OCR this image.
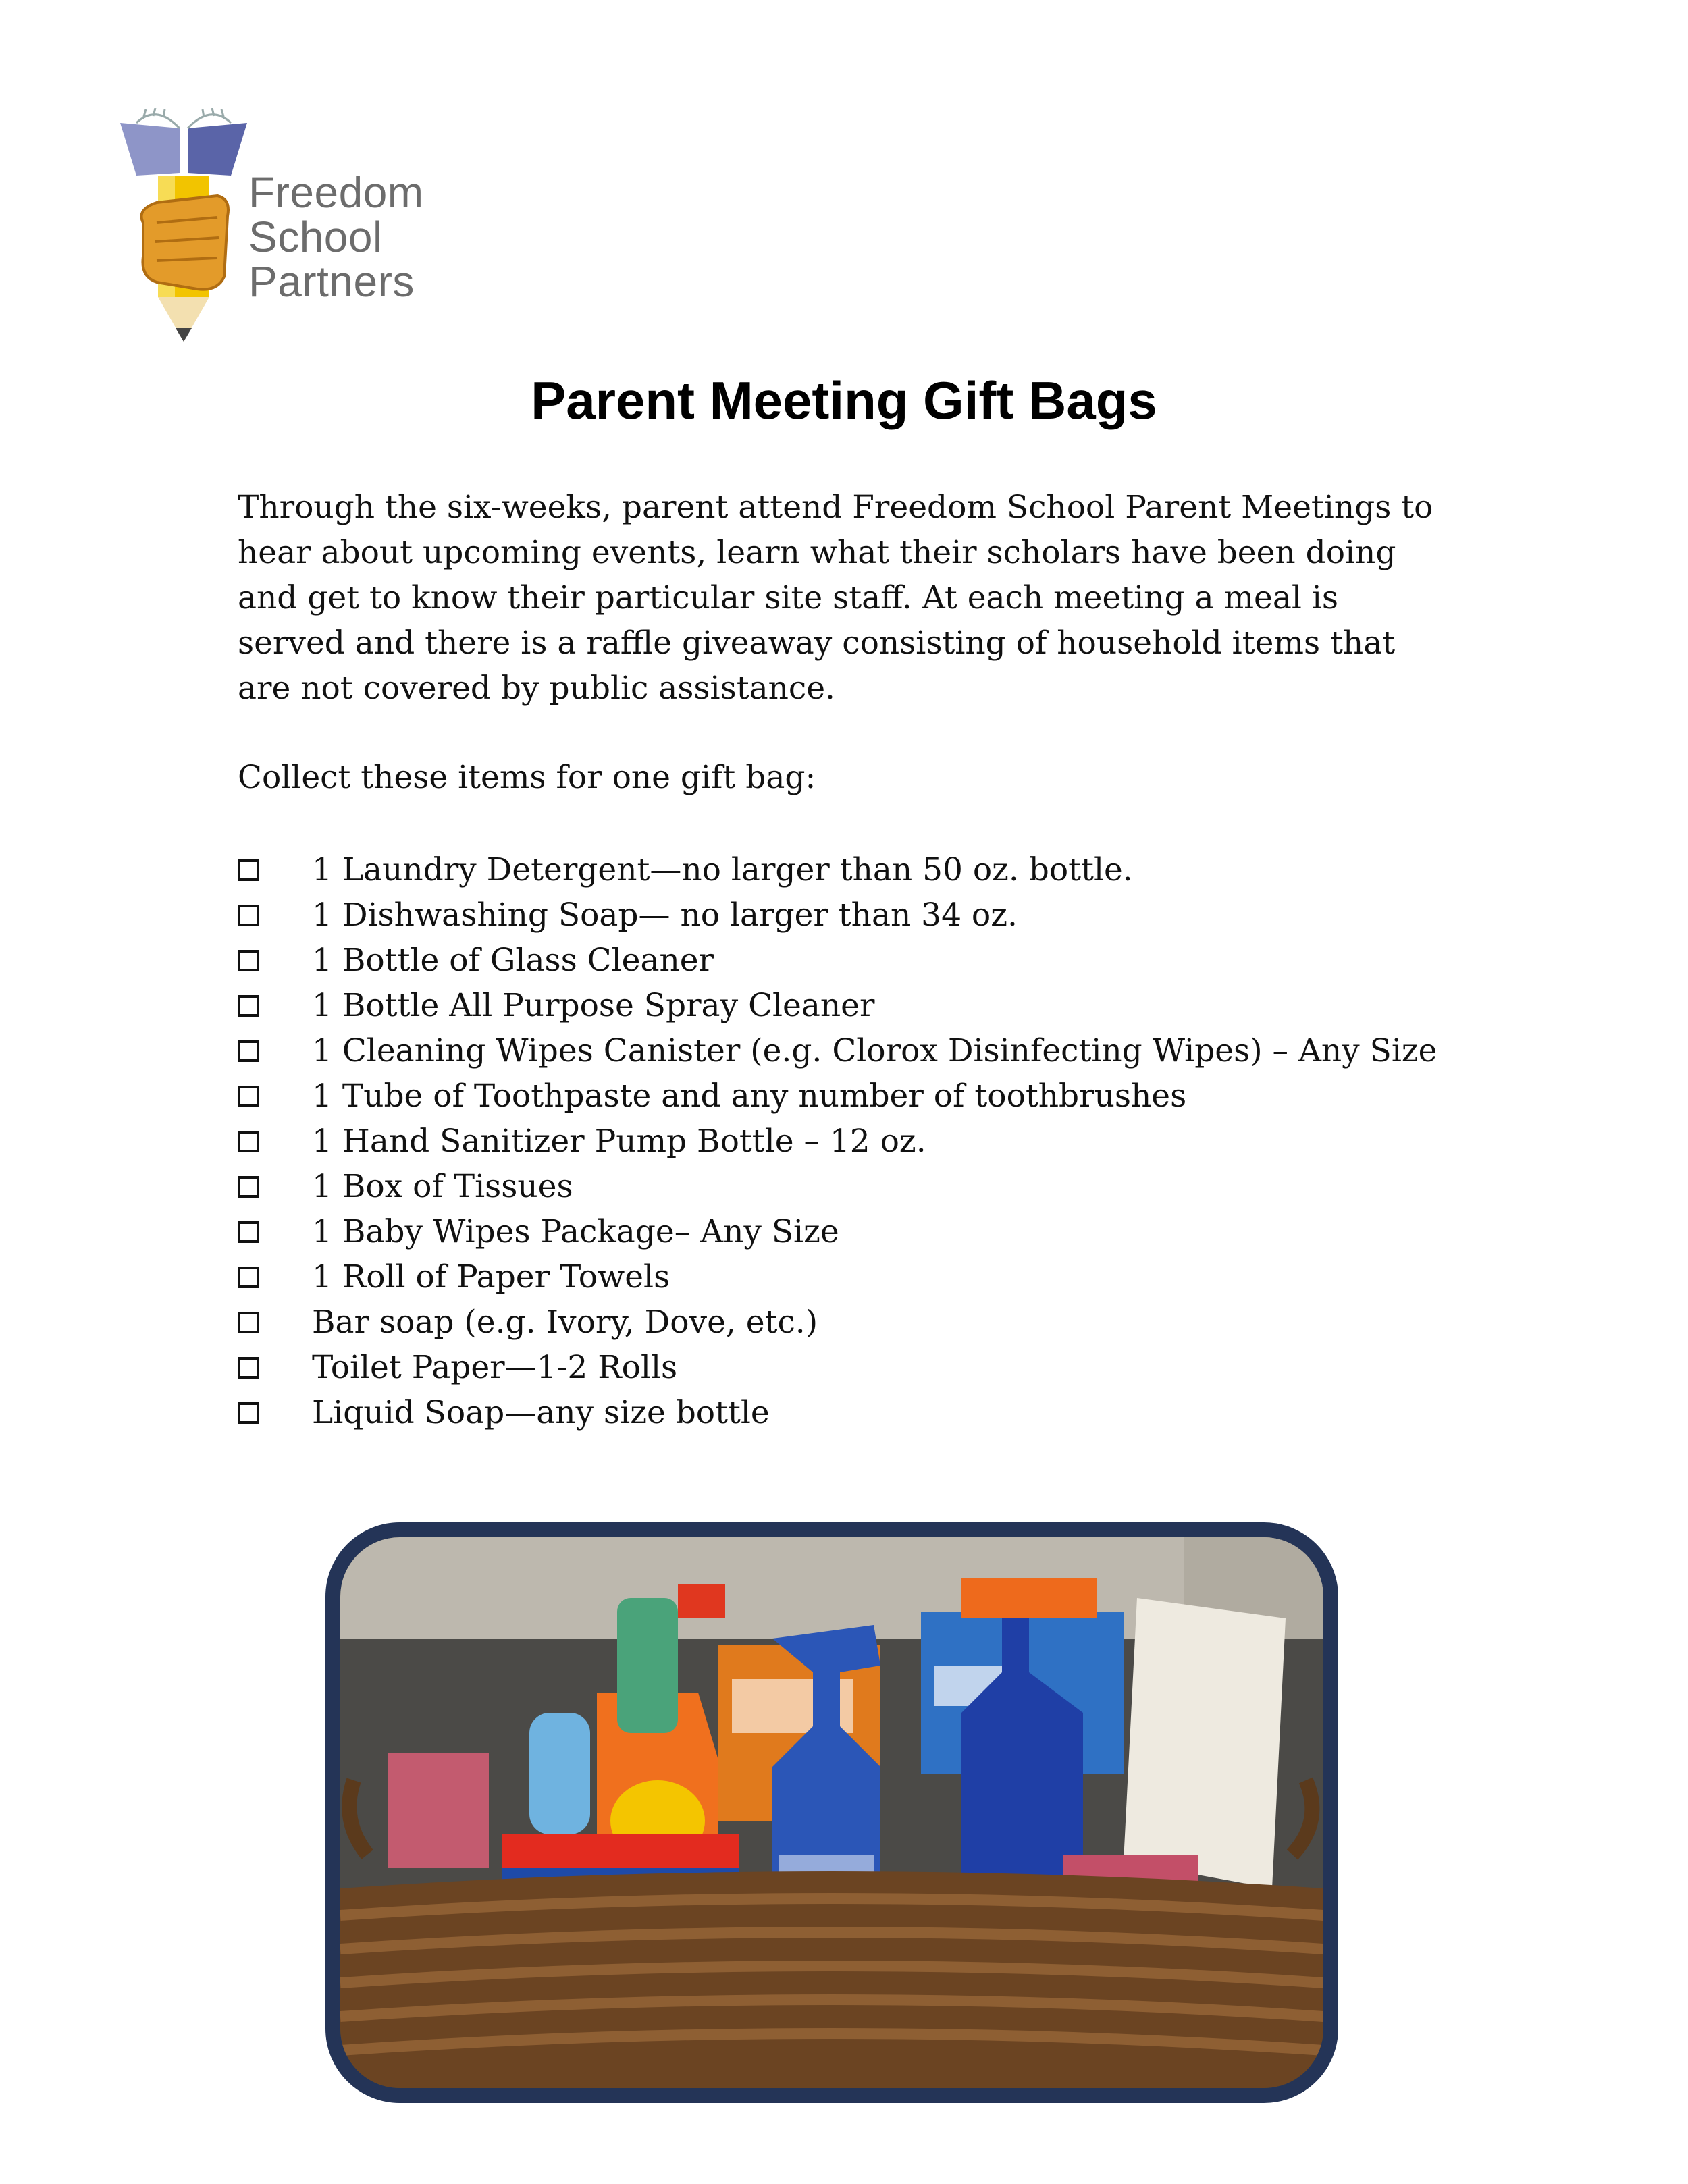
Freedom
School
Partners
Parent Meeting Gift Bags
Through the six-weeks, parent attend Freedom School Parent Meetings to hear about upcoming events, learn what their scholars have been doing and get to know their particular site staff. At each meeting a meal is served and there is a raffle giveaway consisting of household items that are not covered by public assistance.
Collect these items for one gift bag:
1 Laundry Detergent—no larger than 50 oz. bottle.
1 Dishwashing Soap— no larger than 34 oz.
1 Bottle of Glass Cleaner
1 Bottle All Purpose Spray Cleaner
1 Cleaning Wipes Canister (e.g. Clorox Disinfecting Wipes) – Any Size
1 Tube of Toothpaste and any number of toothbrushes
1 Hand Sanitizer Pump Bottle – 12 oz.
1 Box of Tissues
1 Baby Wipes Package– Any Size
1 Roll of Paper Towels
Bar soap (e.g. Ivory, Dove, etc.)
Toilet Paper—1-2 Rolls
Liquid Soap—any size bottle
